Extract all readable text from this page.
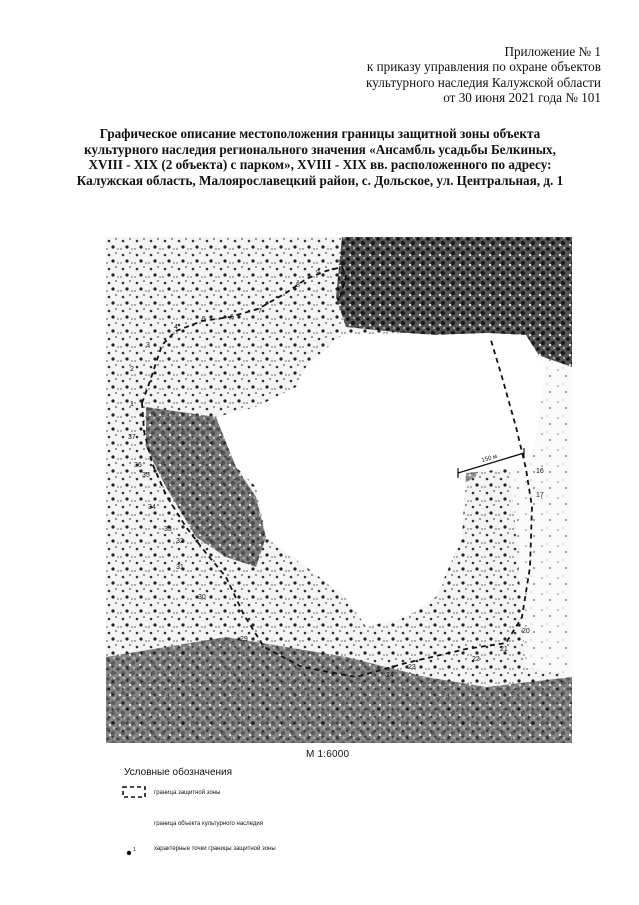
Приложение № 1
к приказу управления по охране объектов
культурного наследия Калужской области
от 30 июня 2021 года № 101
Графическое описание местоположения границы защитной зоны объекта
культурного наследия регионального значения «Ансамбль усадьбы Белкиных,
XVIII - XIX (2 объекта) с парком», XVIII - XIX вв. расположенного по адресу:
Калужская область, Малоярославецкий район, с. Дольское, ул. Центральная, д. 1
150 м
1
2
3
4
5	6
7
8
9
10
16
17
20
21
22
23
24
29
30
31
32
33
34
35
36
37
М 1:6000
Условные обозначения
граница защитной зоны
граница объекта культурного наследия
1	характерные точки границы защитной зоны
